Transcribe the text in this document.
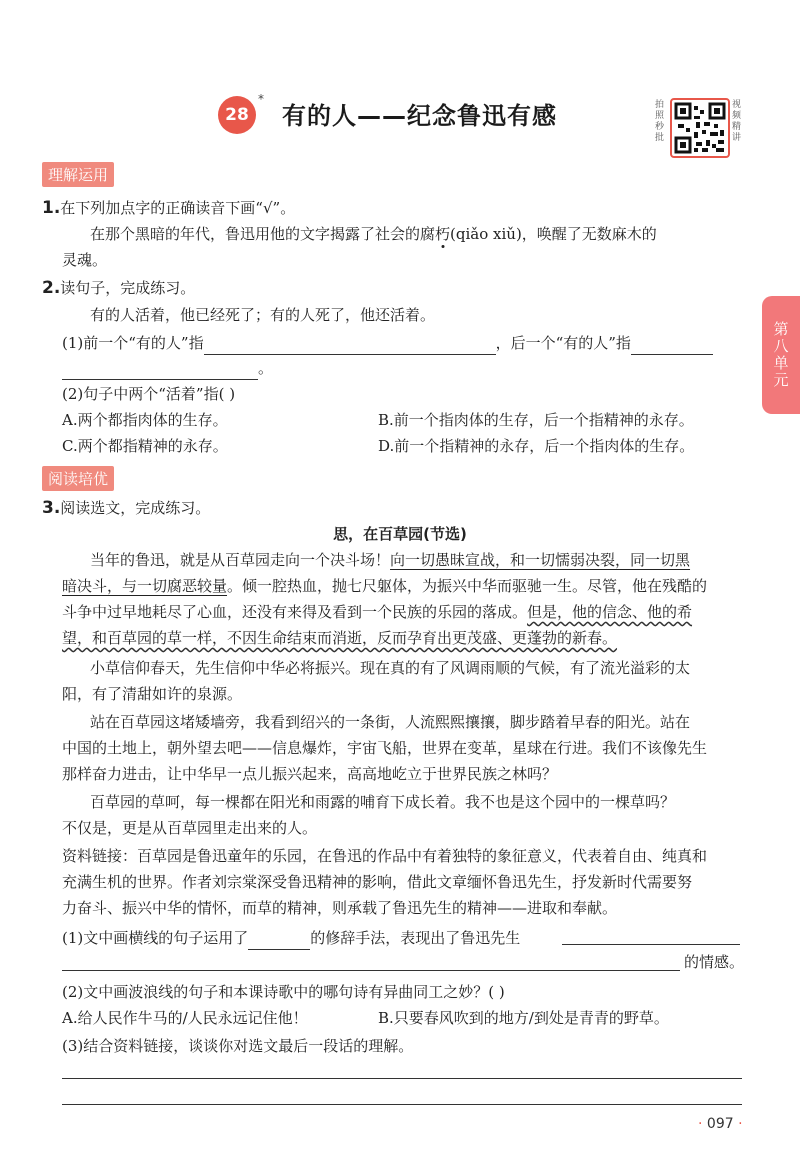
28
*
有的人——纪念鲁迅有感	拍照秒批
视频精讲
第八单元
理解运用
1.在下列加点字的正确读音下画“√”。
在那个黑暗的年代，鲁迅用他的文字揭露了社会的腐朽(qiǎo xiǔ)，唤醒了无数麻木的
灵魂。
2.读句子，完成练习。
有的人活着，他已经死了；有的人死了，他还活着。
(1)前一个“有的人”指	，后一个“有的人”指
。
(2)句子中两个“活着”指( )
A.两个都指肉体的生存。	B.前一个指肉体的生存，后一个指精神的永存。
C.两个都指精神的永存。	D.前一个指精神的永存，后一个指肉体的生存。
阅读培优
3.阅读选文，完成练习。
思，在百草园(节选)
当年的鲁迅，就是从百草园走向一个决斗场！向一切愚昧宣战，和一切懦弱决裂，同一切黑
暗决斗，与一切腐恶较量。倾一腔热血，抛七尺躯体，为振兴中华而驱驰一生。尽管，他在残酷的
斗争中过早地耗尽了心血，还没有来得及看到一个民族的乐园的落成。但是，他的信念、他的希
望，和百草园的草一样，不因生命结束而消逝，反而孕育出更茂盛、更蓬勃的新春。
小草信仰春天，先生信仰中华必将振兴。现在真的有了风调雨顺的气候，有了流光溢彩的太
阳，有了清甜如许的泉源。
站在百草园这堵矮墙旁，我看到绍兴的一条街，人流熙熙攘攘，脚步踏着早春的阳光。站在
中国的土地上，朝外望去吧——信息爆炸，宇宙飞船，世界在变革，星球在行进。我们不该像先生
那样奋力进击，让中华早一点儿振兴起来，高高地屹立于世界民族之林吗？
百草园的草呵，每一棵都在阳光和雨露的哺育下成长着。我不也是这个园中的一棵草吗？
不仅是，更是从百草园里走出来的人。
资料链接：百草园是鲁迅童年的乐园，在鲁迅的作品中有着独特的象征意义，代表着自由、纯真和
充满生机的世界。作者刘宗棠深受鲁迅精神的影响，借此文章缅怀鲁迅先生，抒发新时代需要努
力奋斗、振兴中华的情怀，而草的精神，则承载了鲁迅先生的精神——进取和奉献。
(1)文中画横线的句子运用了	的修辞手法，表现出了鲁迅先生
的情感。
(2)文中画波浪线的句子和本课诗歌中的哪句诗有异曲同工之妙？( )
A.给人民作牛马的/人民永远记住他！	B.只要春风吹到的地方/到处是青青的野草。
(3)结合资料链接，谈谈你对选文最后一段话的理解。
· 097 ·
